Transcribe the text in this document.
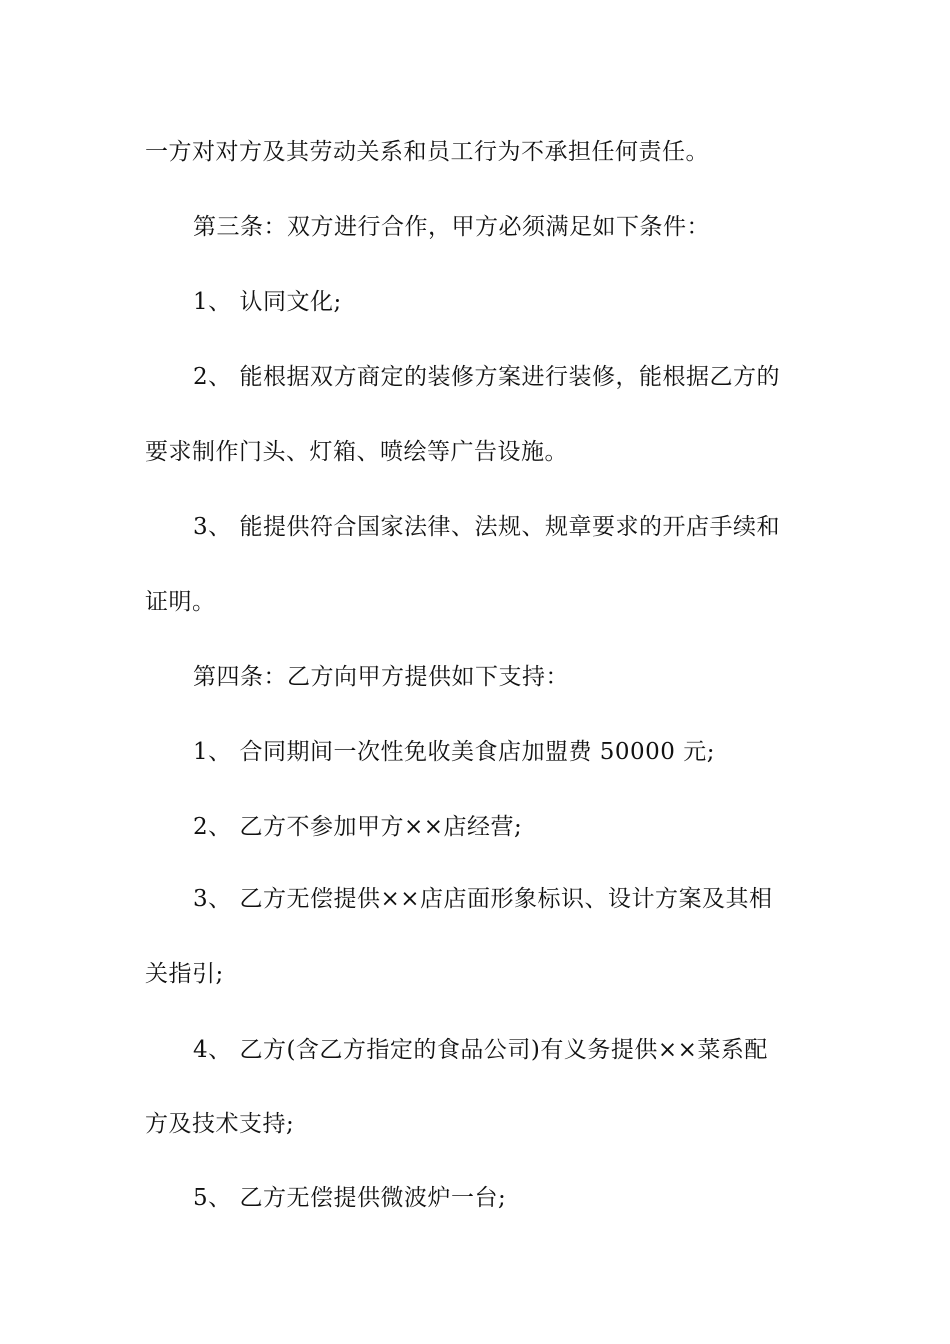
一方对对方及其劳动关系和员工行为不承担任何责任。
第三条：双方进行合作，甲方必须满足如下条件：
1、 认同文化;
2、 能根据双方商定的装修方案进行装修，能根据乙方的
要求制作门头、灯箱、喷绘等广告设施。
3、 能提供符合国家法律、法规、规章要求的开店手续和
证明。
第四条：乙方向甲方提供如下支持：
1、 合同期间一次性免收美食店加盟费 50000 元;
2、 乙方不参加甲方××店经营;
3、 乙方无偿提供××店店面形象标识、设计方案及其相
关指引;
4、 乙方(含乙方指定的食品公司)有义务提供××菜系配
方及技术支持;
5、 乙方无偿提供微波炉一台;
